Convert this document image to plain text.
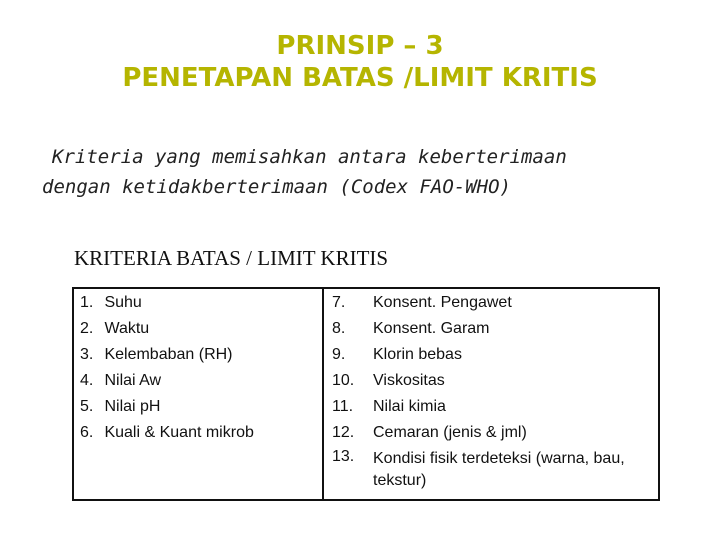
PRINSIP – 3
PENETAPAN BATAS /LIMIT KRITIS
Kriteria yang memisahkan antara keberterimaan
dengan ketidakberterimaan (Codex FAO-WHO)
KRITERIA BATAS / LIMIT KRITIS
1. Suhu
2. Waktu
3. Kelembaban (RH)
4. Nilai Aw
5. Nilai pH
6. Kuali & Kuant mikrob
7.	Konsent. Pengawet
8.	Konsent. Garam
9.	Klorin bebas
10.	Viskositas
11.	Nilai kimia
12.	Cemaran (jenis & jml)
13.	Kondisi fisik terdeteksi (warna, bau, tekstur)
